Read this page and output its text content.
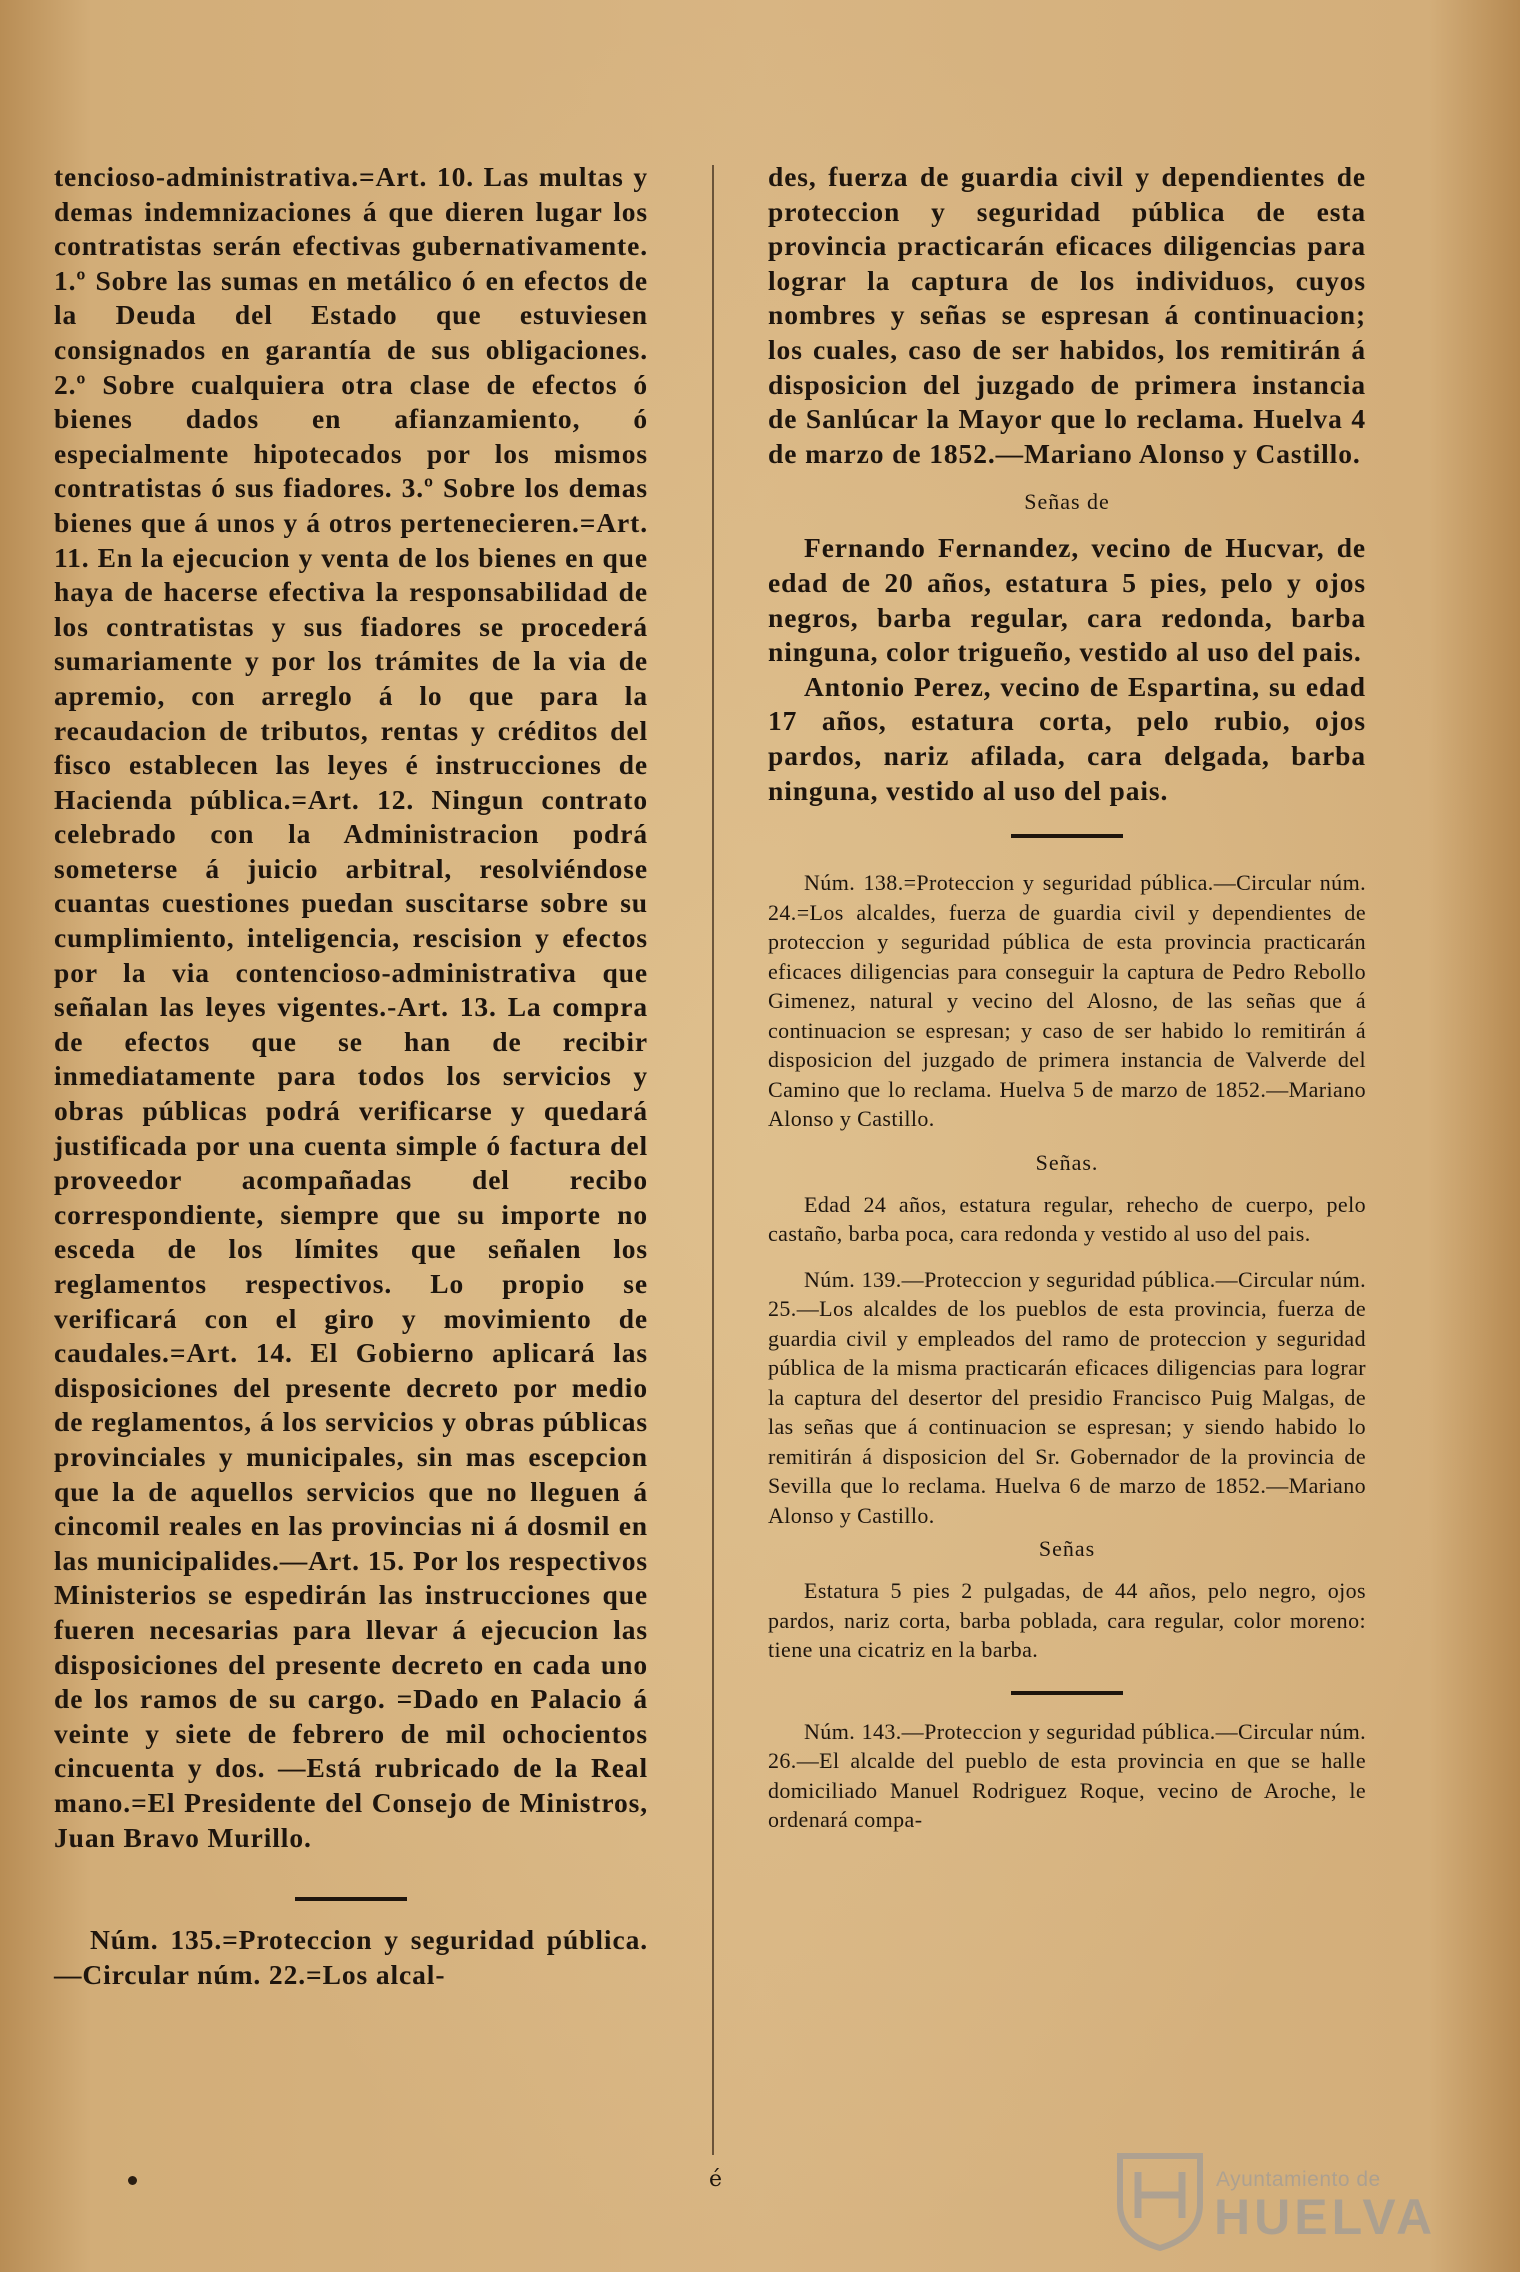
tencioso-administrativa.=Art. 10. Las multas y demas indemnizaciones á que dieren lugar los contratistas serán efectivas gubernativamente. 1.º Sobre las sumas en metálico ó en efectos de la Deuda del Estado que estuviesen consignados en garantía de sus obligaciones. 2.º Sobre cualquiera otra clase de efectos ó bienes dados en afianzamiento, ó especialmente hipotecados por los mismos contratistas ó sus fiadores. 3.º Sobre los demas bienes que á unos y á otros pertenecieren.=Art. 11. En la ejecucion y venta de los bienes en que haya de hacerse efectiva la responsabilidad de los contratistas y sus fiadores se procederá sumariamente y por los trámites de la via de apremio, con arreglo á lo que para la recaudacion de tributos, rentas y créditos del fisco establecen las leyes é instrucciones de Hacienda pública.=Art. 12. Ningun contrato celebrado con la Administracion podrá someterse á juicio arbitral, resolviéndose cuantas cuestiones puedan suscitarse sobre su cumplimiento, inteligencia, rescision y efectos por la via contencioso-administrativa que señalan las leyes vigentes.-Art. 13. La compra de efectos que se han de recibir inmediatamente para todos los servicios y obras públicas podrá verificarse y quedará justificada por una cuenta simple ó factura del proveedor acompañadas del recibo correspondiente, siempre que su importe no esceda de los límites que señalen los reglamentos respectivos. Lo propio se verificará con el giro y movimiento de caudales.=Art. 14. El Gobierno aplicará las disposiciones del presente decreto por medio de reglamentos, á los servicios y obras públicas provinciales y municipales, sin mas escepcion que la de aquellos servicios que no lleguen á cincomil reales en las provincias ni á dosmil en las municipalides.—Art. 15. Por los respectivos Ministerios se espedirán las instrucciones que fueren necesarias para llevar á ejecucion las disposiciones del presente decreto en cada uno de los ramos de su cargo. =Dado en Palacio á veinte y siete de febrero de mil ochocientos cincuenta y dos. —Está rubricado de la Real mano.=El Presidente del Consejo de Ministros, Juan Bravo Murillo.

Núm. 135.=Proteccion y seguridad pública.—Circular núm. 22.=Los alcal-

des, fuerza de guardia civil y dependientes de proteccion y seguridad pública de esta provincia practicarán eficaces diligencias para lograr la captura de los individuos, cuyos nombres y señas se espresan á continuacion; los cuales, caso de ser habidos, los remitirán á disposicion del juzgado de primera instancia de Sanlúcar la Mayor que lo reclama. Huelva 4 de marzo de 1852.—Mariano Alonso y Castillo.

Señas de

Fernando Fernandez, vecino de Hucvar, de edad de 20 años, estatura 5 pies, pelo y ojos negros, barba regular, cara redonda, barba ninguna, color trigueño, vestido al uso del pais.

Antonio Perez, vecino de Espartina, su edad 17 años, estatura corta, pelo rubio, ojos pardos, nariz afilada, cara delgada, barba ninguna, vestido al uso del pais.

Núm. 138.=Proteccion y seguridad pública.—Circular núm. 24.=Los alcaldes, fuerza de guardia civil y dependientes de proteccion y seguridad pública de esta provincia practicarán eficaces diligencias para conseguir la captura de Pedro Rebollo Gimenez, natural y vecino del Alosno, de las señas que á continuacion se espresan; y caso de ser habido lo remitirán á disposicion del juzgado de primera instancia de Valverde del Camino que lo reclama. Huelva 5 de marzo de 1852.—Mariano Alonso y Castillo.

Señas.

Edad 24 años, estatura regular, rehecho de cuerpo, pelo castaño, barba poca, cara redonda y vestido al uso del pais.

Núm. 139.—Proteccion y seguridad pública.—Circular núm. 25.—Los alcaldes de los pueblos de esta provincia, fuerza de guardia civil y empleados del ramo de proteccion y seguridad pública de la misma practicarán eficaces diligencias para lograr la captura del desertor del presidio Francisco Puig Malgas, de las señas que á continuacion se espresan; y siendo habido lo remitirán á disposicion del Sr. Gobernador de la provincia de Sevilla que lo reclama. Huelva 6 de marzo de 1852.—Mariano Alonso y Castillo.

Señas

Estatura 5 pies 2 pulgadas, de 44 años, pelo negro, ojos pardos, nariz corta, barba poblada, cara regular, color moreno: tiene una cicatriz en la barba.

Núm. 143.—Proteccion y seguridad pública.—Circular núm. 26.—El alcalde del pueblo de esta provincia en que se halle domiciliado Manuel Rodriguez Roque, vecino de Aroche, le ordenará compa-

é	Ayuntamiento de
HUELVA
